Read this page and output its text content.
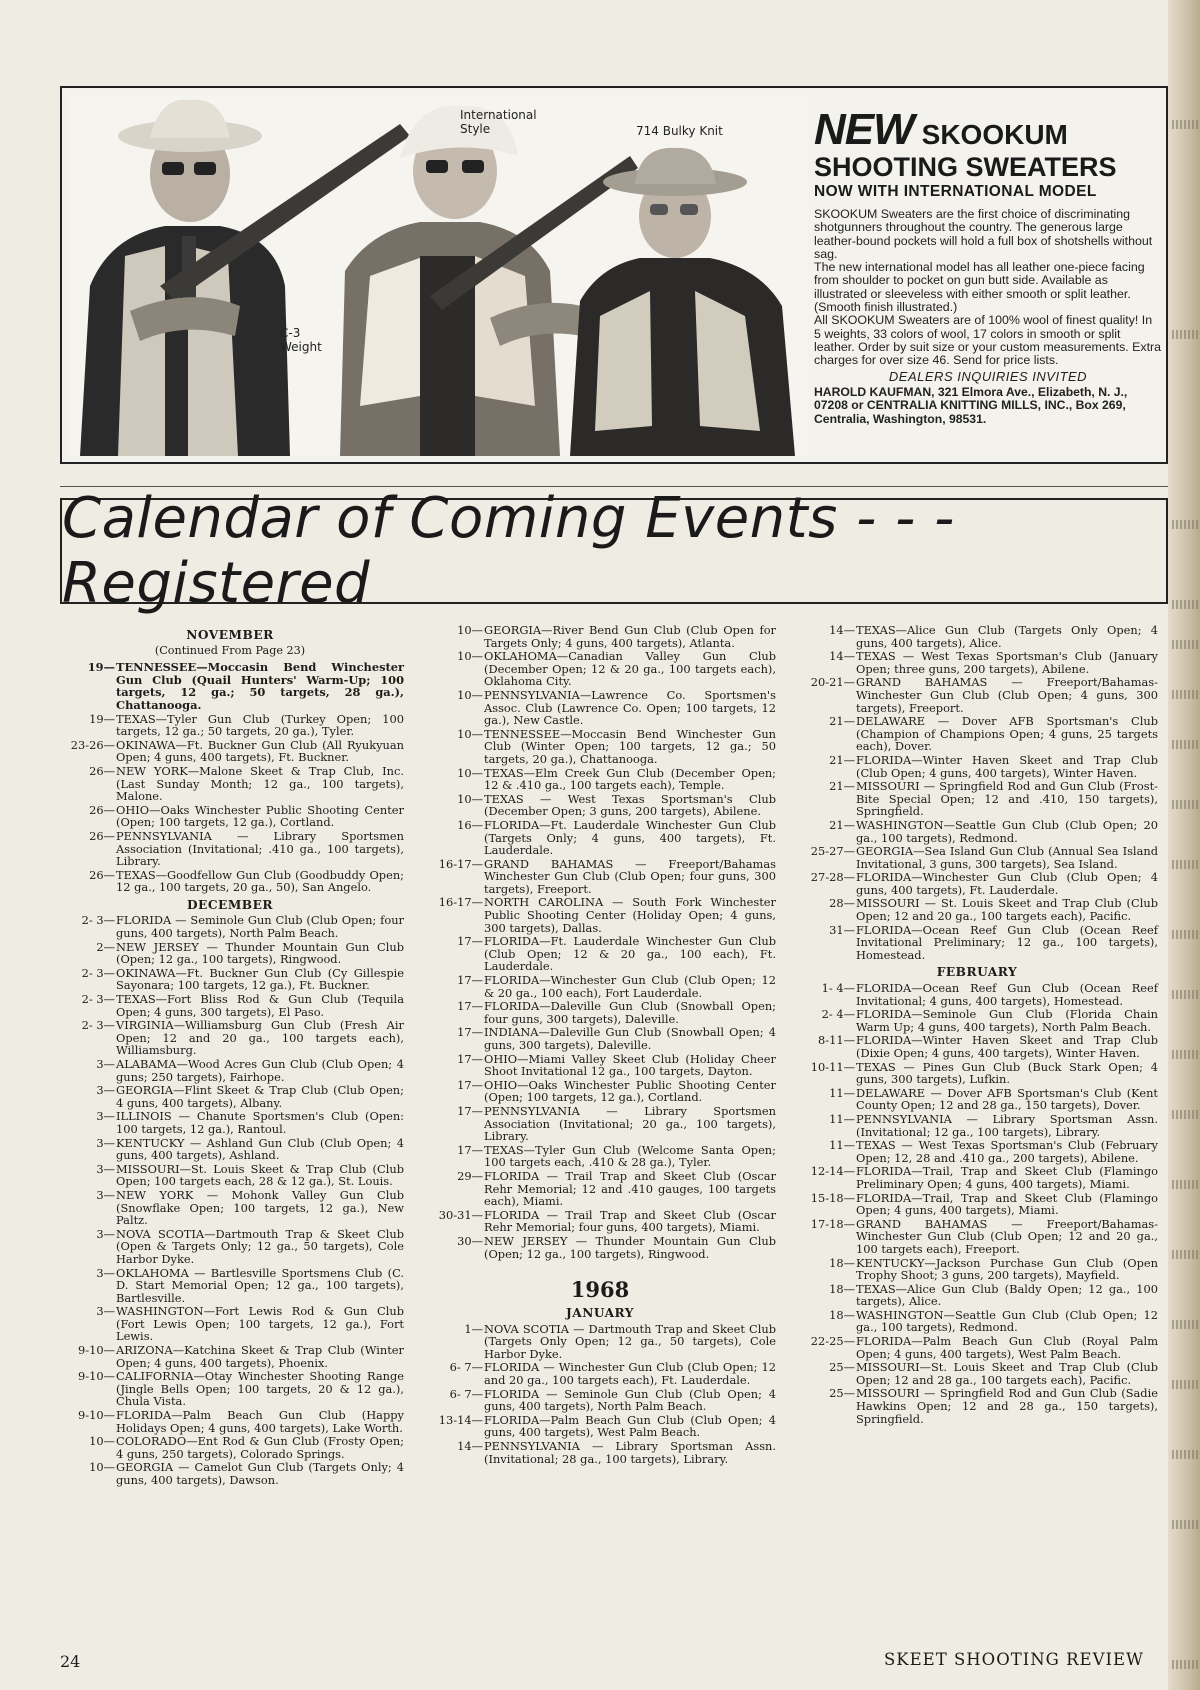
International
Style	714 Bulky Knit
C-3
Weight
NEW SKOOKUM
SHOOTING SWEATERS
NOW WITH INTERNATIONAL MODEL

SKOOKUM Sweaters are the first choice of discriminating shotgunners throughout the country. The generous large leather-bound pockets will hold a full box of shotshells without sag.

The new international model has all leather one-piece facing from shoulder to pocket on gun butt side. Available as illustrated or sleeveless with either smooth or split leather. (Smooth finish illustrated.)

All SKOOKUM Sweaters are of 100% wool of finest quality! In 5 weights, 33 colors of wool, 17 colors in smooth or split leather. Order by suit size or your custom measurements. Extra charges for over size 46. Send for price lists.

DEALERS INQUIRIES INVITED

HAROLD KAUFMAN, 321 Elmora Ave., Elizabeth, N. J., 07208 or CENTRALIA KNITTING MILLS, INC., Box 269, Centralia, Washington, 98531.

Calendar of Coming Events - - - Registered
NOVEMBER
(Continued From Page 23)
19—TENNESSEE—Moccasin Bend Winchester Gun Club (Quail Hunters' Warm-Up; 100 targets, 12 ga.; 50 targets, 28 ga.), Chattanooga.
19—TEXAS—Tyler Gun Club (Turkey Open; 100 targets, 12 ga.; 50 targets, 20 ga.), Tyler.
23-26—OKINAWA—Ft. Buckner Gun Club (All Ryukyuan Open; 4 guns, 400 targets), Ft. Buckner.
26—NEW YORK—Malone Skeet & Trap Club, Inc. (Last Sunday Month; 12 ga., 100 targets), Malone.
26—OHIO—Oaks Winchester Public Shooting Center (Open; 100 targets, 12 ga.), Cortland.
26—PENNSYLVANIA — Library Sportsmen Association (Invitational; .410 ga., 100 targets), Library.
26—TEXAS—Goodfellow Gun Club (Goodbuddy Open; 12 ga., 100 targets, 20 ga., 50), San Angelo.
DECEMBER
2- 3—FLORIDA — Seminole Gun Club (Club Open; four guns, 400 targets), North Palm Beach.
2—NEW JERSEY — Thunder Mountain Gun Club (Open; 12 ga., 100 targets), Ringwood.
2- 3—OKINAWA—Ft. Buckner Gun Club (Cy Gillespie Sayonara; 100 targets, 12 ga.), Ft. Buckner.
2- 3—TEXAS—Fort Bliss Rod & Gun Club (Tequila Open; 4 guns, 300 targets), El Paso.
2- 3—VIRGINIA—Williamsburg Gun Club (Fresh Air Open; 12 and 20 ga., 100 targets each), Williamsburg.
3—ALABAMA—Wood Acres Gun Club (Club Open; 4 guns; 250 targets), Fairhope.
3—GEORGIA—Flint Skeet & Trap Club (Club Open; 4 guns, 400 targets), Albany.
3—ILLINOIS — Chanute Sportsmen's Club (Open: 100 targets, 12 ga.), Rantoul.
3—KENTUCKY — Ashland Gun Club (Club Open; 4 guns, 400 targets), Ashland.
3—MISSOURI—St. Louis Skeet & Trap Club (Club Open; 100 targets each, 28 & 12 ga.), St. Louis.
3—NEW YORK — Mohonk Valley Gun Club (Snowflake Open; 100 targets, 12 ga.), New Paltz.
3—NOVA SCOTIA—Dartmouth Trap & Skeet Club (Open & Targets Only; 12 ga., 50 targets), Cole Harbor Dyke.
3—OKLAHOMA — Bartlesville Sportsmens Club (C. D. Start Memorial Open; 12 ga., 100 targets), Bartlesville.
3—WASHINGTON—Fort Lewis Rod & Gun Club (Fort Lewis Open; 100 targets, 12 ga.), Fort Lewis.
9-10—ARIZONA—Katchina Skeet & Trap Club (Winter Open; 4 guns, 400 targets), Phoenix.
9-10—CALIFORNIA—Otay Winchester Shooting Range (Jingle Bells Open; 100 targets, 20 & 12 ga.), Chula Vista.
9-10—FLORIDA—Palm Beach Gun Club (Happy Holidays Open; 4 guns, 400 targets), Lake Worth.
10—COLORADO—Ent Rod & Gun Club (Frosty Open; 4 guns, 250 targets), Colorado Springs.
10—GEORGIA — Camelot Gun Club (Targets Only; 4 guns, 400 targets), Dawson.
10—GEORGIA—River Bend Gun Club (Club Open for Targets Only; 4 guns, 400 targets), Atlanta.
10—OKLAHOMA—Canadian Valley Gun Club (December Open; 12 & 20 ga., 100 targets each), Oklahoma City.
10—PENNSYLVANIA—Lawrence Co. Sportsmen's Assoc. Club (Lawrence Co. Open; 100 targets, 12 ga.), New Castle.
10—TENNESSEE—Moccasin Bend Winchester Gun Club (Winter Open; 100 targets, 12 ga.; 50 targets, 20 ga.), Chattanooga.
10—TEXAS—Elm Creek Gun Club (December Open; 12 & .410 ga., 100 targets each), Temple.
10—TEXAS — West Texas Sportsman's Club (December Open; 3 guns, 200 targets), Abilene.
16—FLORIDA—Ft. Lauderdale Winchester Gun Club (Targets Only; 4 guns, 400 targets), Ft. Lauderdale.
16-17—GRAND BAHAMAS — Freeport/Bahamas Winchester Gun Club (Club Open; four guns, 300 targets), Freeport.
16-17—NORTH CAROLINA — South Fork Winchester Public Shooting Center (Holiday Open; 4 guns, 300 targets), Dallas.
17—FLORIDA—Ft. Lauderdale Winchester Gun Club (Club Open; 12 & 20 ga., 100 each), Ft. Lauderdale.
17—FLORIDA—Winchester Gun Club (Club Open; 12 & 20 ga., 100 each), Fort Lauderdale.
17—FLORIDA—Daleville Gun Club (Snowball Open; four guns, 300 targets), Daleville.
17—INDIANA—Daleville Gun Club (Snowball Open; 4 guns, 300 targets), Daleville.
17—OHIO—Miami Valley Skeet Club (Holiday Cheer Shoot Invitational 12 ga., 100 targets, Dayton.
17—OHIO—Oaks Winchester Public Shooting Center (Open; 100 targets, 12 ga.), Cortland.
17—PENNSYLVANIA — Library Sportsmen Association (Invitational; 20 ga., 100 targets), Library.
17—TEXAS—Tyler Gun Club (Welcome Santa Open; 100 targets each, .410 & 28 ga.), Tyler.
29—FLORIDA — Trail Trap and Skeet Club (Oscar Rehr Memorial; 12 and .410 gauges, 100 targets each), Miami.
30-31—FLORIDA — Trail Trap and Skeet Club (Oscar Rehr Memorial; four guns, 400 targets), Miami.
30—NEW JERSEY — Thunder Mountain Gun Club (Open; 12 ga., 100 targets), Ringwood.
1968
JANUARY
1—NOVA SCOTIA — Dartmouth Trap and Skeet Club (Targets Only Open; 12 ga., 50 targets), Cole Harbor Dyke.
6- 7—FLORIDA — Winchester Gun Club (Club Open; 12 and 20 ga., 100 targets each), Ft. Lauderdale.
6- 7—FLORIDA — Seminole Gun Club (Club Open; 4 guns, 400 targets), North Palm Beach.
13-14—FLORIDA—Palm Beach Gun Club (Club Open; 4 guns, 400 targets), West Palm Beach.
14—PENNSYLVANIA — Library Sportsman Assn. (Invitational; 28 ga., 100 targets), Library.
14—TEXAS—Alice Gun Club (Targets Only Open; 4 guns, 400 targets), Alice.
14—TEXAS — West Texas Sportsman's Club (January Open; three guns, 200 targets), Abilene.
20-21—GRAND BAHAMAS — Freeport/Bahamas-Winchester Gun Club (Club Open; 4 guns, 300 targets), Freeport.
21—DELAWARE — Dover AFB Sportsman's Club (Champion of Champions Open; 4 guns, 25 targets each), Dover.
21—FLORIDA—Winter Haven Skeet and Trap Club (Club Open; 4 guns, 400 targets), Winter Haven.
21—MISSOURI — Springfield Rod and Gun Club (Frost-Bite Special Open; 12 and .410, 150 targets), Springfield.
21—WASHINGTON—Seattle Gun Club (Club Open; 20 ga., 100 targets), Redmond.
25-27—GEORGIA—Sea Island Gun Club (Annual Sea Island Invitational, 3 guns, 300 targets), Sea Island.
27-28—FLORIDA—Winchester Gun Club (Club Open; 4 guns, 400 targets), Ft. Lauderdale.
28—MISSOURI — St. Louis Skeet and Trap Club (Club Open; 12 and 20 ga., 100 targets each), Pacific.
31—FLORIDA—Ocean Reef Gun Club (Ocean Reef Invitational Preliminary; 12 ga., 100 targets), Homestead.
FEBRUARY
1- 4—FLORIDA—Ocean Reef Gun Club (Ocean Reef Invitational; 4 guns, 400 targets), Homestead.
2- 4—FLORIDA—Seminole Gun Club (Florida Chain Warm Up; 4 guns, 400 targets), North Palm Beach.
8-11—FLORIDA—Winter Haven Skeet and Trap Club (Dixie Open; 4 guns, 400 targets), Winter Haven.
10-11—TEXAS — Pines Gun Club (Buck Stark Open; 4 guns, 300 targets), Lufkin.
11—DELAWARE — Dover AFB Sportsman's Club (Kent County Open; 12 and 28 ga., 150 targets), Dover.
11—PENNSYLVANIA — Library Sportsman Assn. (Invitational; 12 ga., 100 targets), Library.
11—TEXAS — West Texas Sportsman's Club (February Open; 12, 28 and .410 ga., 200 targets), Abilene.
12-14—FLORIDA—Trail, Trap and Skeet Club (Flamingo Preliminary Open; 4 guns, 400 targets), Miami.
15-18—FLORIDA—Trail, Trap and Skeet Club (Flamingo Open; 4 guns, 400 targets), Miami.
17-18—GRAND BAHAMAS — Freeport/Bahamas-Winchester Gun Club (Club Open; 12 and 20 ga., 100 targets each), Freeport.
18—KENTUCKY—Jackson Purchase Gun Club (Open Trophy Shoot; 3 guns, 200 targets), Mayfield.
18—TEXAS—Alice Gun Club (Baldy Open; 12 ga., 100 targets), Alice.
18—WASHINGTON—Seattle Gun Club (Club Open; 12 ga., 100 targets), Redmond.
22-25—FLORIDA—Palm Beach Gun Club (Royal Palm Open; 4 guns, 400 targets), West Palm Beach.
25—MISSOURI—St. Louis Skeet and Trap Club (Club Open; 12 and 28 ga., 100 targets each), Pacific.
25—MISSOURI — Springfield Rod and Gun Club (Sadie Hawkins Open; 12 and 28 ga., 150 targets), Springfield.
24	SKEET SHOOTING REVIEW
